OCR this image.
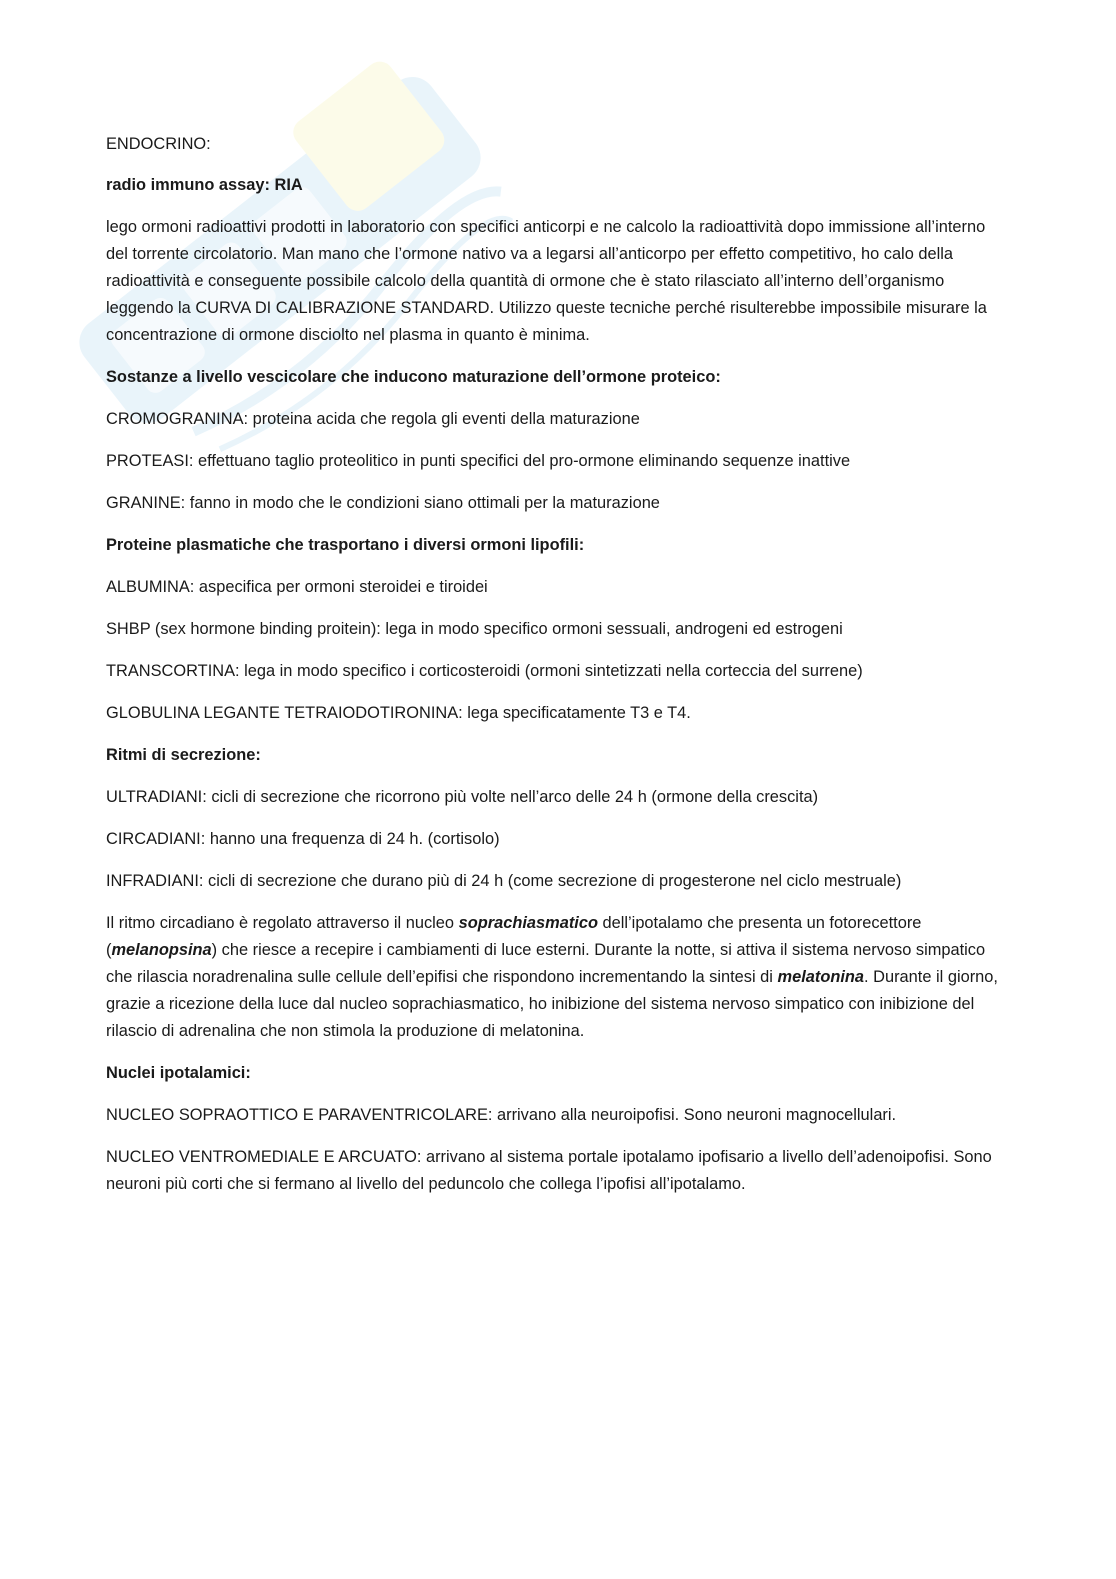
ENDOCRINO:

radio immuno assay: RIA

lego ormoni radioattivi prodotti in laboratorio con specifici anticorpi e ne calcolo la radioattività dopo immissione all’interno del torrente circolatorio. Man mano che l’ormone nativo va a legarsi all’anticorpo per effetto competitivo, ho calo della radioattività e conseguente possibile calcolo della quantità di ormone che è stato rilasciato all’interno dell’organismo leggendo la CURVA DI CALIBRAZIONE STANDARD. Utilizzo queste tecniche perché risulterebbe impossibile misurare la concentrazione di ormone disciolto nel plasma in quanto è minima.

Sostanze a livello vescicolare che inducono maturazione dell’ormone proteico:

CROMOGRANINA: proteina acida che regola gli eventi della maturazione

PROTEASI: effettuano taglio proteolitico in punti specifici del pro-ormone eliminando sequenze inattive

GRANINE: fanno in modo che le condizioni siano ottimali per la maturazione

Proteine plasmatiche che trasportano i diversi ormoni lipofili:

ALBUMINA: aspecifica per ormoni steroidei e tiroidei

SHBP (sex hormone binding proitein): lega in modo specifico ormoni sessuali, androgeni ed estrogeni

TRANSCORTINA: lega in modo specifico i corticosteroidi (ormoni sintetizzati nella corteccia del surrene)

GLOBULINA LEGANTE TETRAIODOTIRONINA: lega specificatamente T3 e T4.

Ritmi di secrezione:

ULTRADIANI: cicli di secrezione che ricorrono più volte nell’arco delle 24 h (ormone della crescita)

CIRCADIANI: hanno una frequenza di 24 h. (cortisolo)

INFRADIANI: cicli di secrezione che durano più di 24 h (come secrezione di progesterone nel ciclo mestruale)

Il ritmo circadiano è regolato attraverso il nucleo soprachiasmatico dell’ipotalamo che presenta un fotorecettore (melanopsina) che riesce a recepire i cambiamenti di luce esterni. Durante la notte, si attiva il sistema nervoso simpatico che rilascia noradrenalina sulle cellule dell’epifisi che rispondono incrementando la sintesi di melatonina. Durante il giorno, grazie a ricezione della luce dal nucleo soprachiasmatico, ho inibizione del sistema nervoso simpatico con inibizione del rilascio di adrenalina che non stimola la produzione di melatonina.

Nuclei ipotalamici:

NUCLEO SOPRAOTTICO E PARAVENTRICOLARE: arrivano alla neuroipofisi. Sono neuroni magnocellulari.

NUCLEO VENTROMEDIALE E ARCUATO: arrivano al sistema portale ipotalamo ipofisario a livello dell’adenoipofisi. Sono neuroni più corti che si fermano al livello del peduncolo che collega l’ipofisi all’ipotalamo.
